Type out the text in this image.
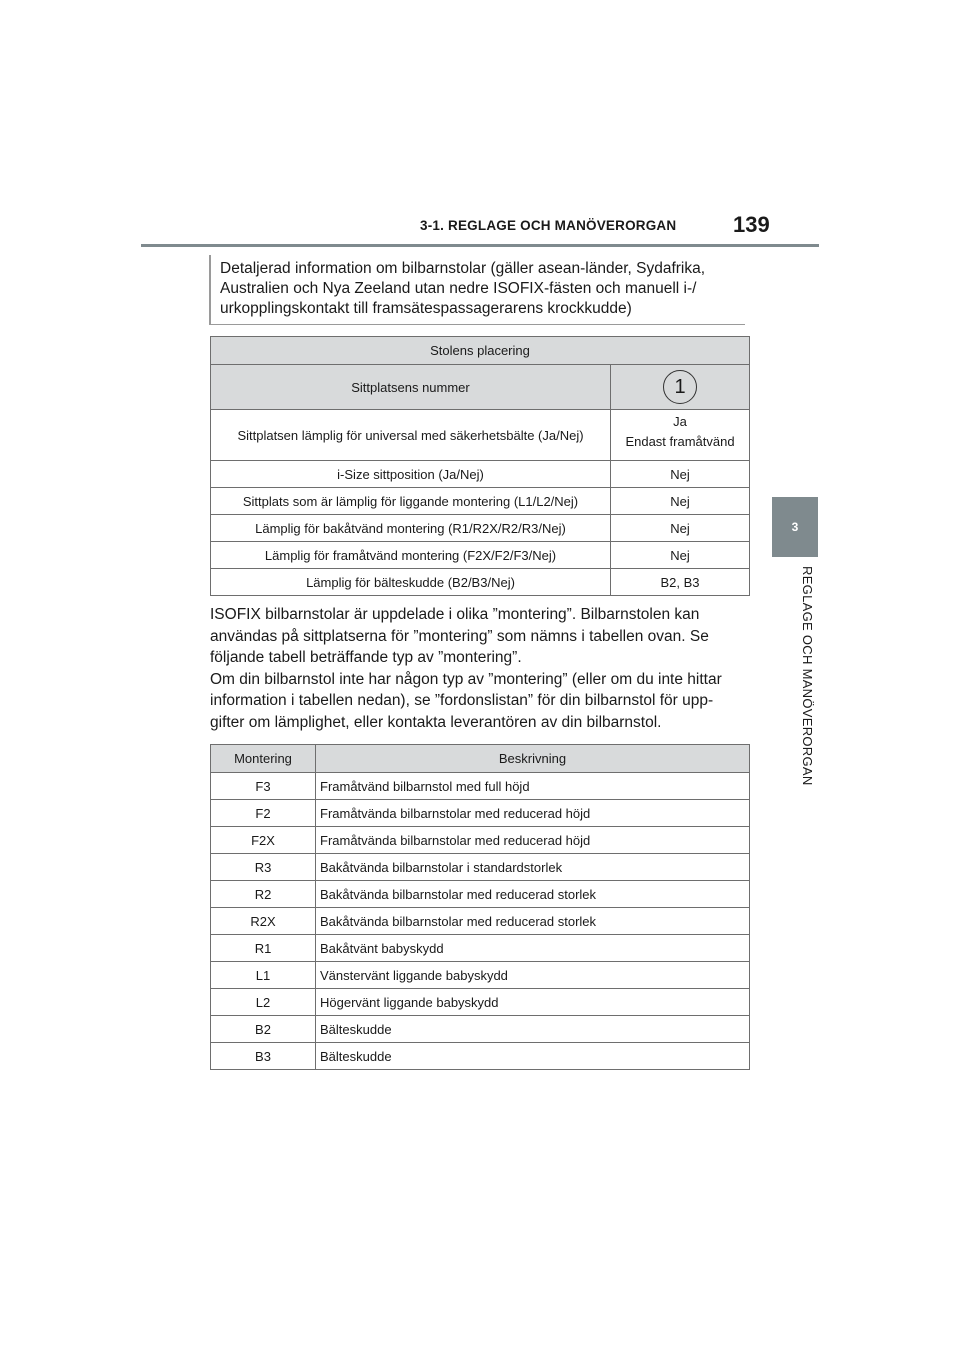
3-1. REGLAGE OCH MANÖVERORGAN	139
3
REGLAGE OCH MANÖVERORGAN
Detaljerad information om bilbarnstolar (gäller asean-länder, Sydafrika,
Australien och Nya Zeeland utan nedre ISOFIX-fästen och manuell i-/
urkopplingskontakt till framsätespassagerarens krockkudde)
Stolens placering	
Sittplatsens nummer	1
Sittplatsen lämplig för universal med säkerhetsbälte (Ja/Nej)	Ja
Endast framåtvänd

i-Size sittposition (Ja/Nej)	Nej
Sittplats som är lämplig för liggande montering (L1/L2/Nej)	Nej
Lämplig för bakåtvänd montering (R1/R2X/R2/R3/Nej)	Nej
Lämplig för framåtvänd montering (F2X/F2/F3/Nej)	Nej
Lämplig för bälteskudde (B2/B3/Nej)	B2, B3
ISOFIX bilbarnstolar är uppdelade i olika ”montering”. Bilbarnstolen kan
användas på sittplatserna för ”montering” som nämns i tabellen ovan. Se
följande tabell beträffande typ av ”montering”.
Om din bilbarnstol inte har någon typ av ”montering” (eller om du inte hittar
information i tabellen nedan), se ”fordonslistan” för din bilbarnstol för upp-
gifter om lämplighet, eller kontakta leverantören av din bilbarnstol.
Montering	Beskrivning
F3	Framåtvänd bilbarnstol med full höjd
F2	Framåtvända bilbarnstolar med reducerad höjd
F2X	Framåtvända bilbarnstolar med reducerad höjd
R3	Bakåtvända bilbarnstolar i standardstorlek
R2	Bakåtvända bilbarnstolar med reducerad storlek
R2X	Bakåtvända bilbarnstolar med reducerad storlek
R1	Bakåtvänt babyskydd
L1	Vänstervänt liggande babyskydd
L2	Högervänt liggande babyskydd
B2	Bälteskudde
B3	Bälteskudde
